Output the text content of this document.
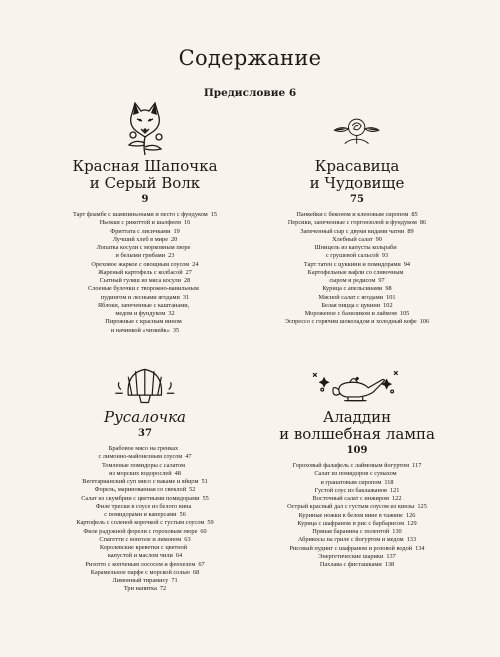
Содержание
Предисловие 6
Красная Шапочка
и Серый Волк
9
Тарт фламбе с шампиньонами и песто с фундуком 15
Ньокки с рикоттой и шалфеем 16
Фриттата с лисичками 19
Лучший хлеб в мире 20
Лопатка косули с морковным пюре
и белыми грибами 23
Ореховое жаркое с овощным соусом 24
Жареный картофель с колбасой 27
Сытный гуляш из мяса косули 28
Слоеные булочки с творожно-ванильным
пудингом и лесными ягодами 31
Яблоки, запеченные с каштанами,
медом и фундуком 32
Пирожные с красным вином
и начинкой «чизкейк» 35
Красавица
и Чудовище
75
Панкейки с беконом и кленовым сиропом 85
Персики, запеченные с горгонзолой и фундуком 86
Запеченный сыр с двумя видами чатни 89
Хлебный салат 90
Шницель из капусты кольраби
с грушевой сальсой 93
Тарт татен с цуккини и помидорами 94
Картофельные вафли со сливочным
сыром и редисом 97
Курица с апельсинами 98
Мясной салат с ягодами 101
Белая пицца с цукини 102
Мороженое с базиликом и лаймом 105
Эспрессо с горячим шоколадом и холодный кофе 106
Русалочка
37
Брабовое мясо на гренках
с лимонно-майонезным соусом 47
Томленые помидоры с салатом
из морских водорослей 48
Вегетарианский суп мисо с вакаме и яйцом 51
Форель, маринованная со свеклой 52
Салат из скумбрии с цветными помидорами 55
Филе трески в соусе из белого вина
с помидорами и каперсами 56
Картофель с соленой корочкой с густым соусом 59
Филе радужной форели с гороховым пюре 60
Спагетти с вонголе и лимоном 63
Королевские креветки с цветной
капустой и маслом чили 64
Ризотто с копченым лососем и фенхелем 67
Карамельное парфе с морской солью 68
Лимонный тирамису 71
Три напитка 72
Аладдин
и волшебная лампа
109
Гороховый фалафель с лаймовым йогуртом 117
Салат из помидоров с сумахом
и гранатовым сиропом 118
Густой соус из баклажанов 121
Восточный салат с инжиром 122
Острый красный дал с густым соусом из кинзы 125
Куриные ножки в белом вине в тажине 126
Курица с шафраном и рис с барбарисом 129
Пряная баранина с полентой 130
Абрикосы на гриле с йогуртом и медом 133
Рисовый пудинг с шафраном и розовой водой 134
Энергетические шарики 137
Пахлава с фисташками 138
